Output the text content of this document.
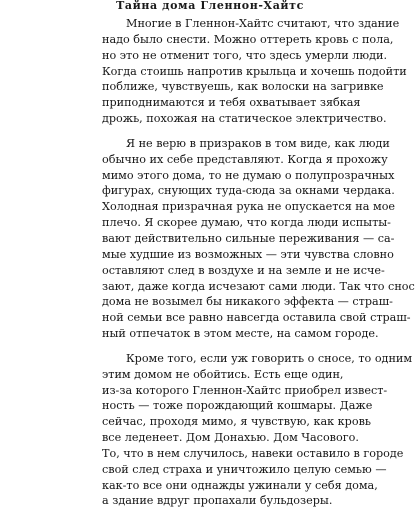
Тайна дома Гленнон-Хайтс
Многие в Гленнон-Хайтс считают, что здание
надо было снести. Можно оттереть кровь с пола,
но это не отменит того, что здесь умерли люди.
Когда стоишь напротив крыльца и хочешь подойти
поближе, чувствуешь, как волоски на загривке
приподнимаются и тебя охватывает зябкая
дрожь, похожая на статическое электричество.
Я не верю в призраков в том виде, как люди
обычно их себе представляют. Когда я прохожу
мимо этого дома, то не думаю о полупрозрачных
фигурах, снующих туда-сюда за окнами чердака.
Холодная призрачная рука не опускается на мое
плечо. Я скорее думаю, что когда люди испыты-
вают действительно сильные переживания — са-
мые худшие из возможных — эти чувства словно
оставляют след в воздухе и на земле и не исче-
зают, даже когда исчезают сами люди. Так что снос
дома не возымел бы никакого эффекта — страш-
ной семьи все равно навсегда оставила свой страш-
ный отпечаток в этом месте, на самом городе.
Кроме того, если уж говорить о сносе, то одним
этим домом не обойтись. Есть еще один,
из-за которого Гленнон-Хайтс приобрел извест-
ность — тоже порождающий кошмары. Даже
сейчас, проходя мимо, я чувствую, как кровь
все леденеет. Дом Донахью. Дом Часового.
То, что в нем случилось, навеки оставило в городе
свой след страха и уничтожило целую семью —
как-то все они однажды ужинали у себя дома,
а здание вдруг пропахали бульдозеры.
